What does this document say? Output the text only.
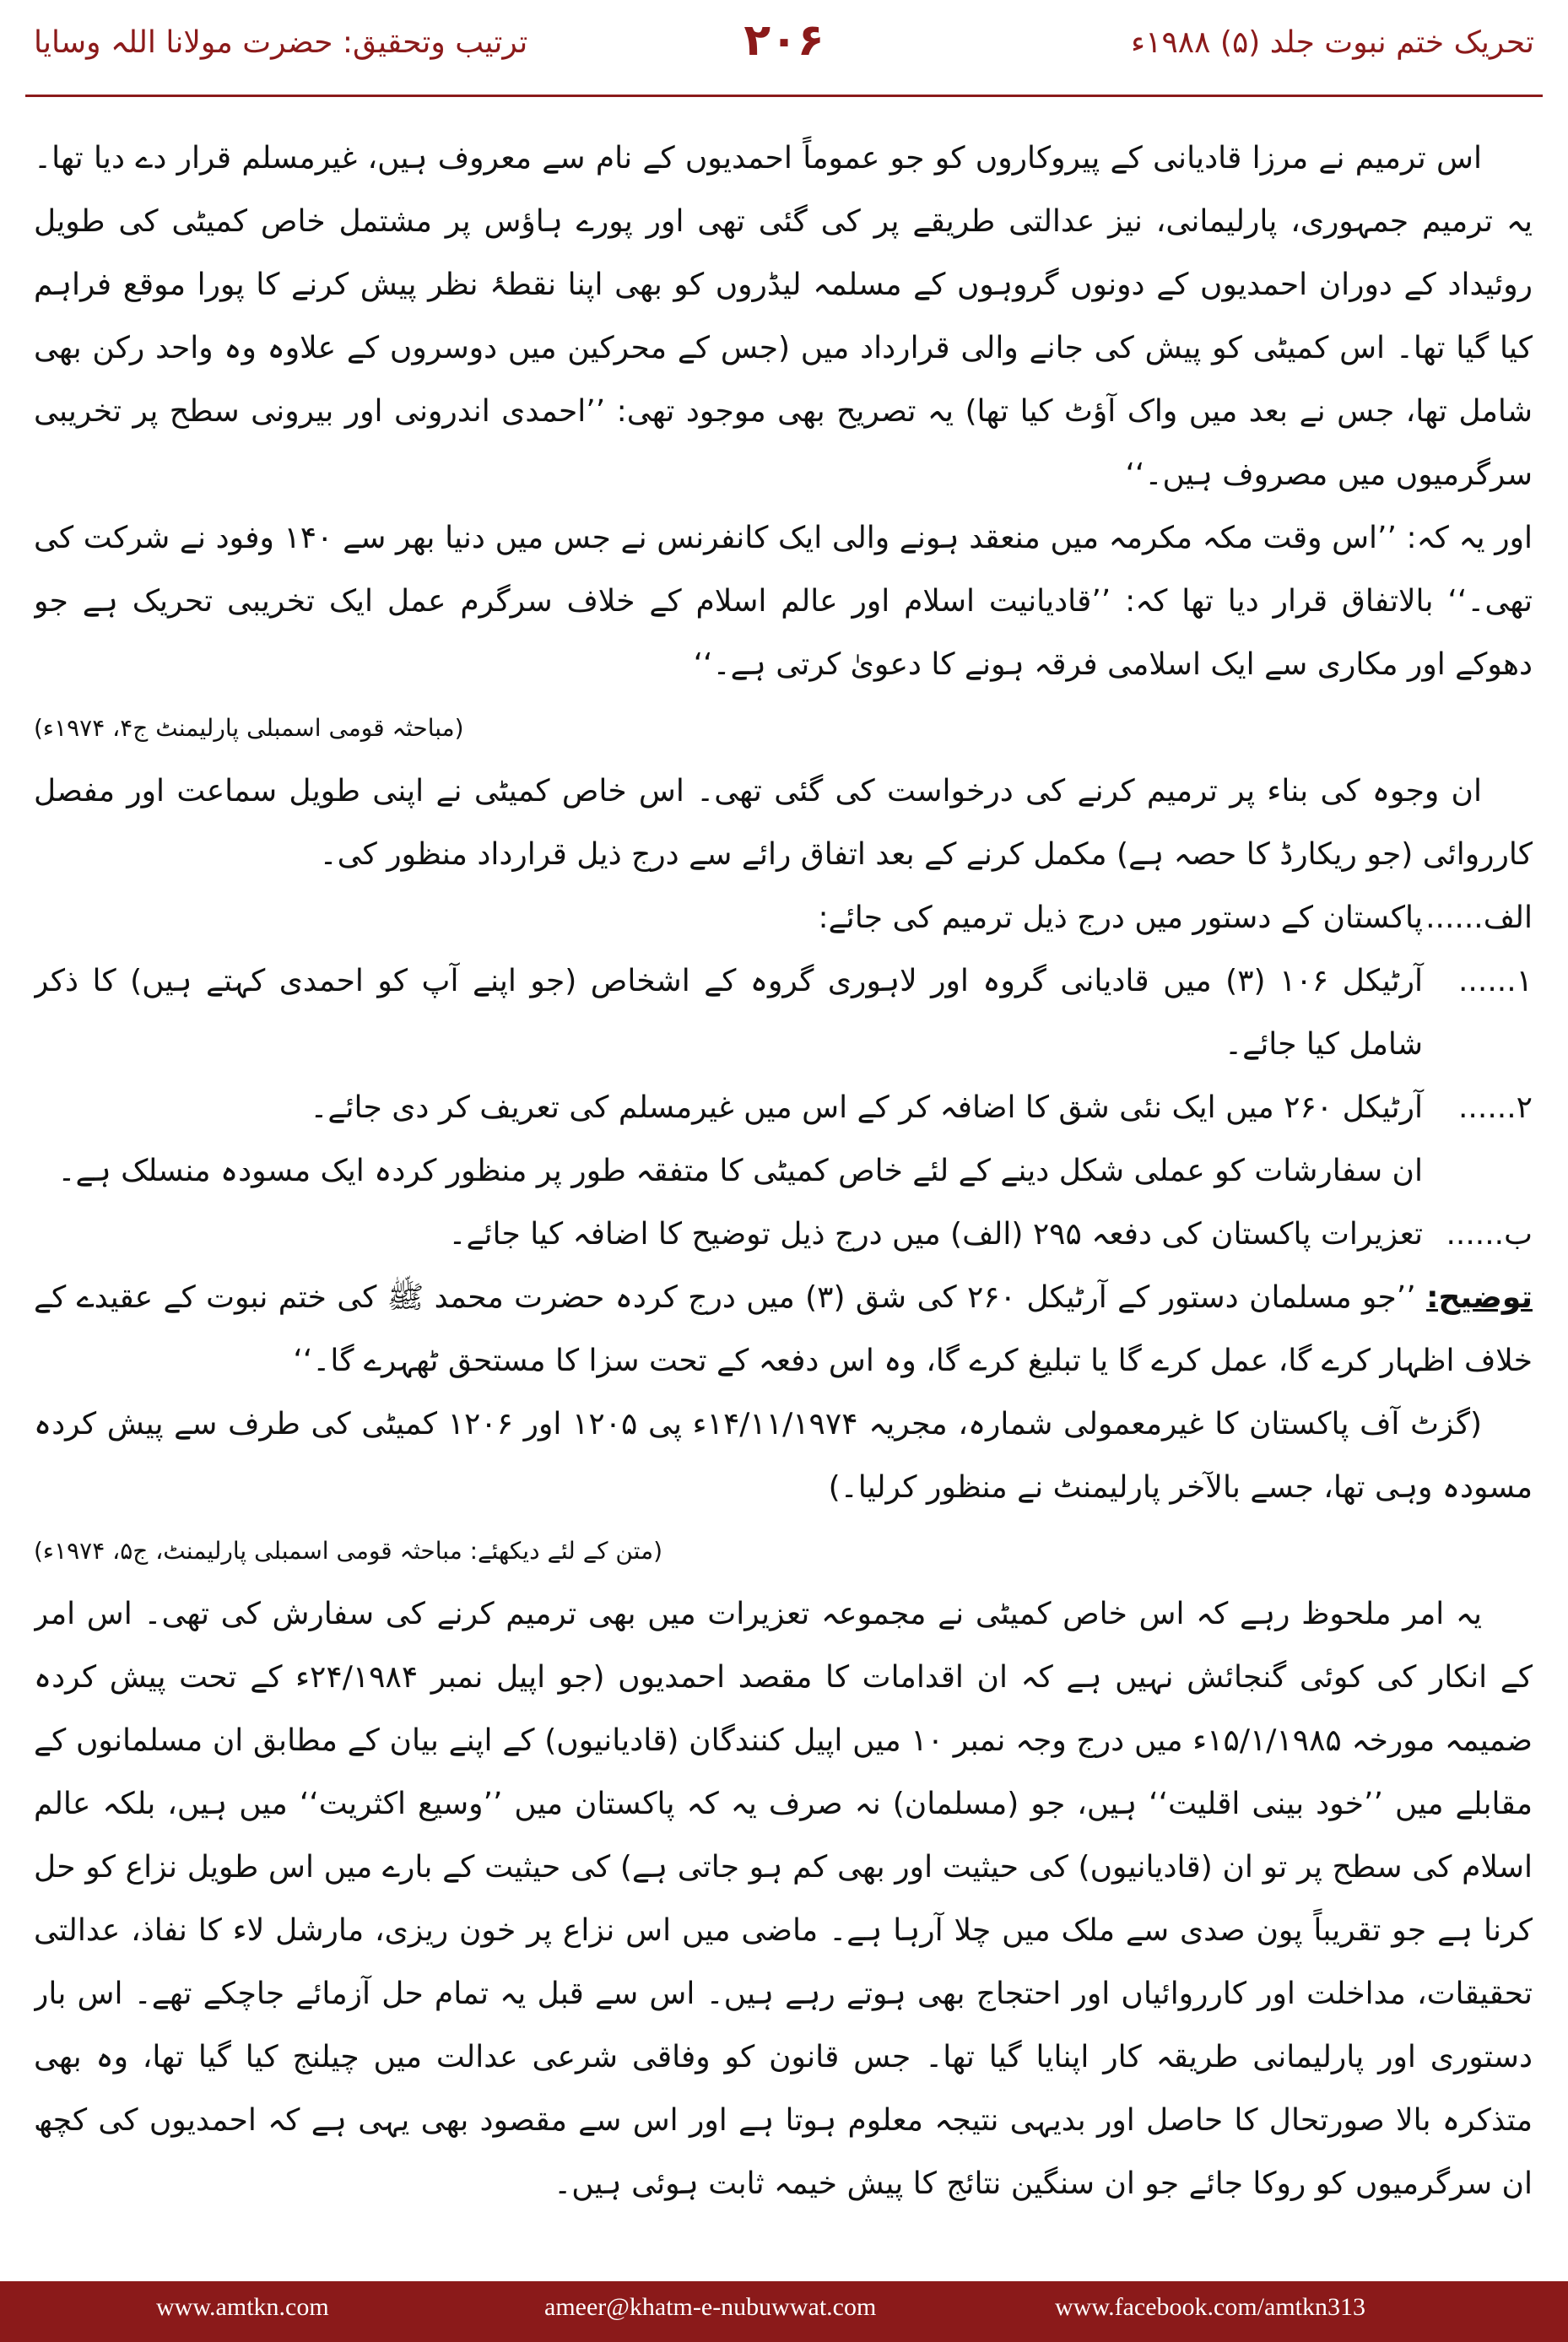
تحریک ختم نبوت جلد (۵) ۱۹۸۸ء
۲۰۶
ترتیب وتحقیق: حضرت مولانا اللہ وسایا

اس ترمیم نے مرزا قادیانی کے پیروکاروں کو جو عموماً احمدیوں کے نام سے معروف ہیں، غیرمسلم قرار دے دیا تھا۔ یہ ترمیم جمہوری، پارلیمانی، نیز عدالتی طریقے پر کی گئی تھی اور پورے ہاؤس پر مشتمل خاص کمیٹی کی طویل روئیداد کے دوران احمدیوں کے دونوں گروہوں کے مسلمہ لیڈروں کو بھی اپنا نقطۂ نظر پیش کرنے کا پورا موقع فراہم کیا گیا تھا۔ اس کمیٹی کو پیش کی جانے والی قرارداد میں (جس کے محرکین میں دوسروں کے علاوہ وہ واحد رکن بھی شامل تھا، جس نے بعد میں واک آؤٹ کیا تھا) یہ تصریح بھی موجود تھی: ’’احمدی اندرونی اور بیرونی سطح پر تخریبی سرگرمیوں میں مصروف ہیں۔‘‘

اور یہ کہ: ’’اس وقت مکہ مکرمہ میں منعقد ہونے والی ایک کانفرنس نے جس میں دنیا بھر سے ۱۴۰ وفود نے شرکت کی تھی۔‘‘ بالاتفاق قرار دیا تھا کہ: ’’قادیانیت اسلام اور عالم اسلام کے خلاف سرگرم عمل ایک تخریبی تحریک ہے جو دھوکے اور مکاری سے ایک اسلامی فرقہ ہونے کا دعویٰ کرتی ہے۔‘‘

(مباحثہ قومی اسمبلی پارلیمنٹ ج۴، ۱۹۷۴ء)

ان وجوہ کی بناء پر ترمیم کرنے کی درخواست کی گئی تھی۔ اس خاص کمیٹی نے اپنی طویل سماعت اور مفصل کارروائی (جو ریکارڈ کا حصہ ہے) مکمل کرنے کے بعد اتفاق رائے سے درج ذیل قرارداد منظور کی۔

الف......
پاکستان کے دستور میں درج ذیل ترمیم کی جائے:
۱......
آرٹیکل ۱۰۶ (۳) میں قادیانی گروہ اور لاہوری گروہ کے اشخاص (جو اپنے آپ کو احمدی کہتے ہیں) کا ذکر شامل کیا جائے۔
۲......
آرٹیکل ۲۶۰ میں ایک نئی شق کا اضافہ کر کے اس میں غیرمسلم کی تعریف کر دی جائے۔
ان سفارشات کو عملی شکل دینے کے لئے خاص کمیٹی کا متفقہ طور پر منظور کردہ ایک مسودہ منسلک ہے۔
ب......
تعزیرات پاکستان کی دفعہ ۲۹۵ (الف) میں درج ذیل توضیح کا اضافہ کیا جائے۔

توضیح: ’’جو مسلمان دستور کے آرٹیکل ۲۶۰ کی شق (۳) میں درج کردہ حضرت محمد ﷺ کی ختم نبوت کے عقیدے کے خلاف اظہار کرے گا، عمل کرے گا یا تبلیغ کرے گا، وہ اس دفعہ کے تحت سزا کا مستحق ٹھہرے گا۔‘‘

(گزٹ آف پاکستان کا غیرمعمولی شمارہ، مجریہ ۱۴/۱۱/۱۹۷۴ء پی ۱۲۰۵ اور ۱۲۰۶ کمیٹی کی طرف سے پیش کردہ مسودہ وہی تھا، جسے بالآخر پارلیمنٹ نے منظور کرلیا۔)

(متن کے لئے دیکھئے: مباحثہ قومی اسمبلی پارلیمنٹ، ج۵، ۱۹۷۴ء)

یہ امر ملحوظ رہے کہ اس خاص کمیٹی نے مجموعہ تعزیرات میں بھی ترمیم کرنے کی سفارش کی تھی۔ اس امر کے انکار کی کوئی گنجائش نہیں ہے کہ ان اقدامات کا مقصد احمدیوں (جو اپیل نمبر ۲۴/۱۹۸۴ء کے تحت پیش کردہ ضمیمہ مورخہ ۱۵/۱/۱۹۸۵ء میں درج وجہ نمبر ۱۰ میں اپیل کنندگان (قادیانیوں) کے اپنے بیان کے مطابق ان مسلمانوں کے مقابلے میں ’’خود بینی اقلیت‘‘ ہیں، جو (مسلمان) نہ صرف یہ کہ پاکستان میں ’’وسیع اکثریت‘‘ میں ہیں، بلکہ عالم اسلام کی سطح پر تو ان (قادیانیوں) کی حیثیت اور بھی کم ہو جاتی ہے) کی حیثیت کے بارے میں اس طویل نزاع کو حل کرنا ہے جو تقریباً پون صدی سے ملک میں چلا آرہا ہے۔ ماضی میں اس نزاع پر خون ریزی، مارشل لاء کا نفاذ، عدالتی تحقیقات، مداخلت اور کارروائیاں اور احتجاج بھی ہوتے رہے ہیں۔ اس سے قبل یہ تمام حل آزمائے جاچکے تھے۔ اس بار دستوری اور پارلیمانی طریقہ کار اپنایا گیا تھا۔ جس قانون کو وفاقی شرعی عدالت میں چیلنج کیا گیا تھا، وہ بھی متذکرہ بالا صورتحال کا حاصل اور بدیہی نتیجہ معلوم ہوتا ہے اور اس سے مقصود بھی یہی ہے کہ احمدیوں کی کچھ ان سرگرمیوں کو روکا جائے جو ان سنگین نتائج کا پیش خیمہ ثابت ہوئی ہیں۔

www.amtkn.com	ameer@khatm-e-nubuwwat.com	www.facebook.com/amtkn313
